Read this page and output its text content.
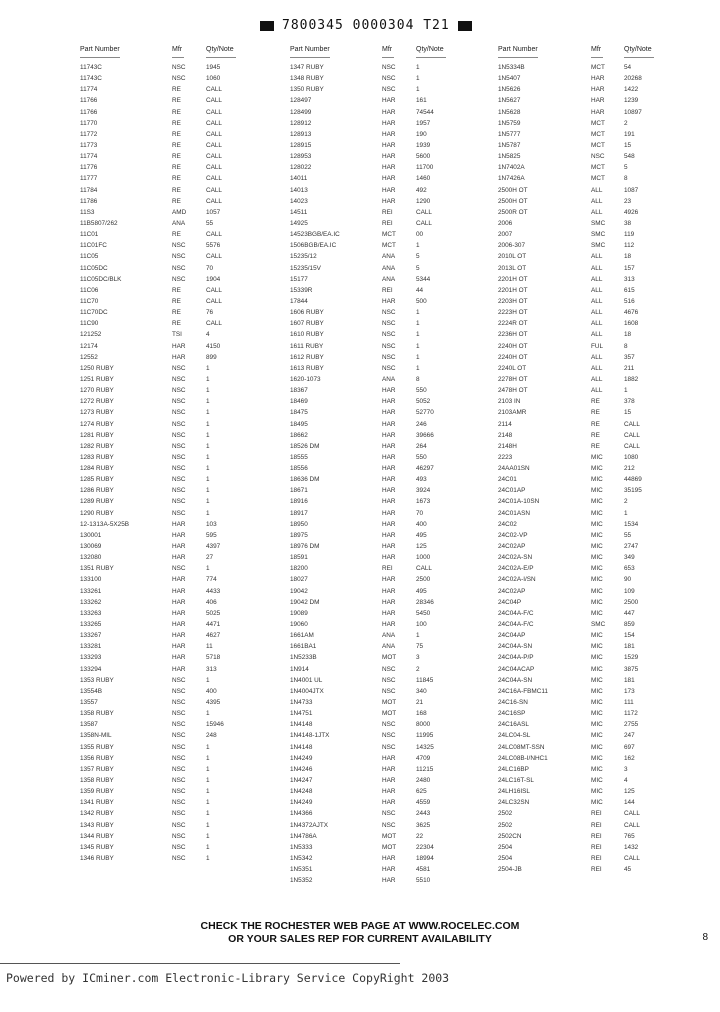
7800345 0000304 T21
Part Number	Mfr	Qty/Note
11743C	NSC	1945
11743C	NSC	1060
11774	RE	CALL
11766	RE	CALL
11766	RE	CALL
11770	RE	CALL
11772	RE	CALL
11773	RE	CALL
11774	RE	CALL
11776	RE	CALL
11777	RE	CALL
11784	RE	CALL
11786	RE	CALL
11S3	AMD	1057
11B5807/262	ANA	55
11C01	RE	CALL
11C01FC	NSC	5576
11C05	NSC	CALL
11C05DC	NSC	70
11C05DC/BLK	NSC	1904
11C06	RE	CALL
11C70	RE	CALL
11C70DC	RE	76
11C90	RE	CALL
121252	TSI	4
12174	HAR	4150
12552	HAR	899
1250 RUBY	NSC	1
1251 RUBY	NSC	1
1270 RUBY	NSC	1
1272 RUBY	NSC	1
1273 RUBY	NSC	1
1274 RUBY	NSC	1
1281 RUBY	NSC	1
1282 RUBY	NSC	1
1283 RUBY	NSC	1
1284 RUBY	NSC	1
1285 RUBY	NSC	1
1286 RUBY	NSC	1
1289 RUBY	NSC	1
1290 RUBY	NSC	1
12-1313A-5X25B	HAR	103
130001	HAR	595
130069	HAR	4397
132080	HAR	27
1351 RUBY	NSC	1
133100	HAR	774
133261	HAR	4433
133262	HAR	406
133263	HAR	5025
133265	HAR	4471
133267	HAR	4627
133281	HAR	11
133293	HAR	5718
133294	HAR	313
1353 RUBY	NSC	1
13554B	NSC	400
13557	NSC	4395
1358 RUBY	NSC	1
13587	NSC	15946
1358N-MIL	NSC	248
1355 RUBY	NSC	1
1356 RUBY	NSC	1
1357 RUBY	NSC	1
1358 RUBY	NSC	1
1359 RUBY	NSC	1
1341 RUBY	NSC	1
1342 RUBY	NSC	1
1343 RUBY	NSC	1
1344 RUBY	NSC	1
1345 RUBY	NSC	1
1346 RUBY	NSC	1
Part Number	Mfr	Qty/Note
1347 RUBY	NSC	1
1348 RUBY	NSC	1
1350 RUBY	NSC	1
128497	HAR	161
128499	HAR	74544
128912	HAR	1957
128913	HAR	190
128915	HAR	1939
128953	HAR	5600
128022	HAR	11700
14011	HAR	1460
14013	HAR	492
14023	HAR	1290
14511	REI	CALL
14925	REI	CALL
14523BGB/EA.IC	MCT	00
1506BGB/EA.IC	MCT	1
15235/12	ANA	5
15235/15V	ANA	5
15177	ANA	5344
15339R	REI	44
17844	HAR	500
1606 RUBY	NSC	1
1607 RUBY	NSC	1
1610 RUBY	NSC	1
1611 RUBY	NSC	1
1612 RUBY	NSC	1
1613 RUBY	NSC	1
1620-1073	ANA	8
18367	HAR	550
18469	HAR	5052
18475	HAR	52770
18495	HAR	246
18662	HAR	39666
18526 DM	HAR	264
18555	HAR	550
18556	HAR	46297
18636 DM	HAR	493
18671	HAR	3924
18916	HAR	1673
18917	HAR	70
18950	HAR	400
18975	HAR	495
18976 DM	HAR	125
18591	HAR	1000
18200	REI	CALL
18027	HAR	2500
19042	HAR	495
19042 DM	HAR	28346
19089	HAR	5450
19060	HAR	100
1661AM	ANA	1
1661BA1	ANA	75
1N5233B	MOT	3
1N914	NSC	2
1N4001 UL	NSC	11845
1N4004JTX	NSC	340
1N4733	MOT	21
1N4751	MOT	168
1N4148	NSC	8000
1N4148-1JTX	NSC	11995
1N4148	NSC	14325
1N4249	HAR	4709
1N4246	HAR	11215
1N4247	HAR	2480
1N4248	HAR	625
1N4249	HAR	4559
1N4366	NSC	2443
1N4372AJTX	NSC	3625
1N4786A	MOT	22
1N5333	MOT	22304
1N5342	HAR	18994
1N5351	HAR	4581
1N5352	HAR	5510
Part Number	Mfr	Qty/Note
1N5334B	MCT	54
1N5407	HAR	20268
1N5626	HAR	1422
1N5627	HAR	1239
1N5628	HAR	10897
1N5759	MCT	2
1N5777	MCT	191
1N5787	MCT	15
1N5825	NSC	548
1N7402A	MCT	5
1N7426A	MCT	8
2500H OT	ALL	1087
2500H OT	ALL	23
2500R OT	ALL	4926
2006	SMC	38
2007	SMC	119
2006-307	SMC	112
2010L OT	ALL	18
2013L OT	ALL	157
2201H OT	ALL	313
2201H OT	ALL	615
2203H OT	ALL	516
2223H OT	ALL	4676
2224R OT	ALL	1608
2236H OT	ALL	18
2240H OT	FUL	8
2240H OT	ALL	357
2240L OT	ALL	211
2278H OT	ALL	1882
2478H OT	ALL	1
2103 IN	RE	378
2103AMR	RE	15
2114	RE	CALL
2148	RE	CALL
2148H	RE	CALL
2223	MIC	1080
24AA01SN	MIC	212
24C01	MIC	44869
24C01AP	MIC	35195
24C01A-10SN	MIC	2
24C01ASN	MIC	1
24C02	MIC	1534
24C02-VP	MIC	55
24C02AP	MIC	2747
24C02A-SN	MIC	349
24C02A-E/P	MIC	653
24C02A-I/SN	MIC	90
24C02AP	MIC	109
24C04P	MIC	2500
24C04A-F/C	MIC	447
24C04A-F/C	SMC	859
24C04AP	MIC	154
24C04A-SN	MIC	181
24C04A-P/P	MIC	1529
24C04ACAP	MIC	3875
24C04A-SN	MIC	181
24C16A-FBMC11	MIC	173
24C16-SN	MIC	111
24C16SP	MIC	1172
24C16ASL	MIC	2755
24LC04-SL	MIC	247
24LC08MT-SSN	MIC	697
24LC08B-I/NHC1	MIC	162
24LC16BP	MIC	3
24LC16T-SL	MIC	4
24LH16ISL	MIC	125
24LC32SN	MIC	144
2502	REI	CALL
2502	REI	CALL
2502CN	REI	765
2504	REI	1432
2504	REI	CALL
2504-JB	REI	45
CHECK THE ROCHESTER WEB PAGE AT WWW.ROCELEC.COM
OR YOUR SALES REP FOR CURRENT AVAILABILITY	8
Powered by ICminer.com Electronic-Library Service CopyRight 2003
